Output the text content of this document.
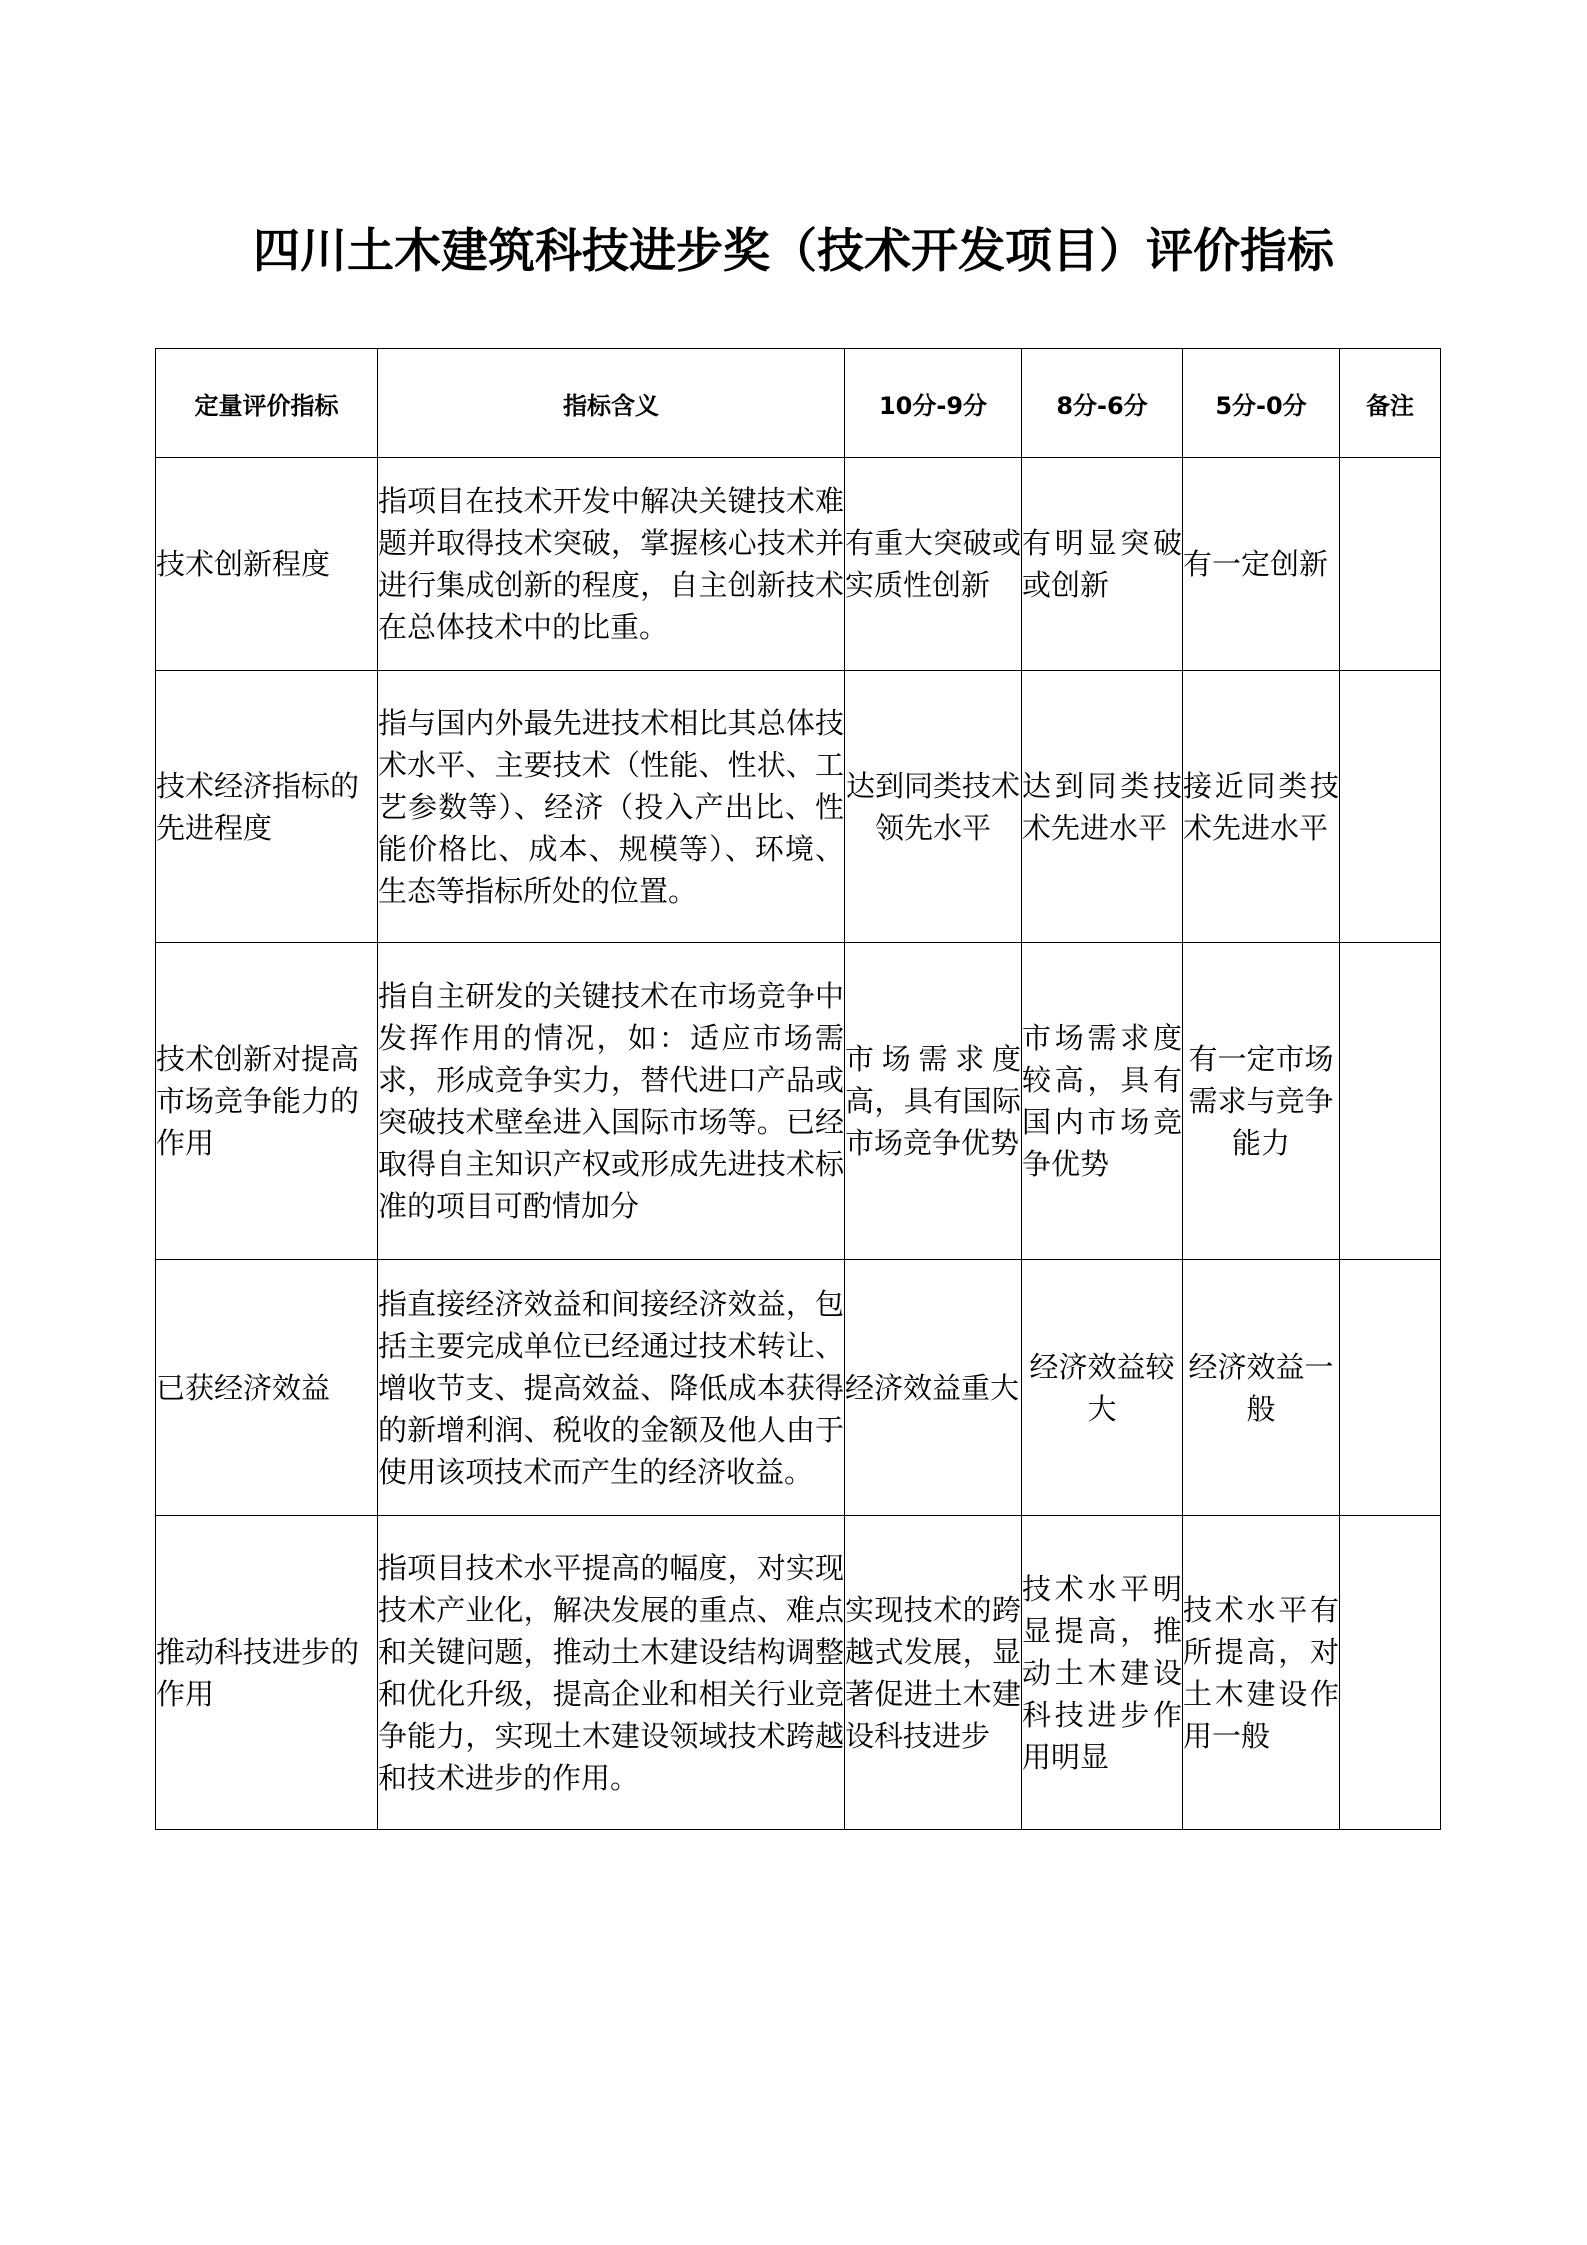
四川土木建筑科技进步奖（技术开发项目）评价指标
定量评价指标	指标含义	10分-9分	8分-6分	5分-0分	备注
技术创新程度	指项目在技术开发中解决关键技术难题并取得技术突破，掌握核心技术并进行集成创新的程度，自主创新技术在总体技术中的比重。	有重大突破或实质性创新	有明显突破或创新	有一定创新	
技术经济指标的先进程度	指与国内外最先进技术相比其总体技术水平、主要技术（性能、性状、工艺参数等）、经济（投入产出比、性能价格比、成本、规模等）、环境、生态等指标所处的位置。	达到同类技术领先水平	达到同类技术先进水平	接近同类技术先进水平	
技术创新对提高市场竞争能力的作用	指自主研发的关键技术在市场竞争中发挥作用的情况，如：适应市场需求，形成竞争实力，替代进口产品或突破技术壁垒进入国际市场等。已经取得自主知识产权或形成先进技术标准的项目可酌情加分	市场需求度高，具有国际市场竞争优势	市场需求度较高，具有国内市场竞争优势	有一定市场需求与竞争能力	
已获经济效益	指直接经济效益和间接经济效益，包括主要完成单位已经通过技术转让、增收节支、提高效益、降低成本获得的新增利润、税收的金额及他人由于使用该项技术而产生的经济收益。	经济效益重大	经济效益较大	经济效益一般	
推动科技进步的作用	指项目技术水平提高的幅度，对实现技术产业化，解决发展的重点、难点和关键问题，推动土木建设结构调整和优化升级，提高企业和相关行业竞争能力，实现土木建设领域技术跨越和技术进步的作用。	实现技术的跨越式发展，显著促进土木建设科技进步	技术水平明显提高，推动土木建设科技进步作用明显	技术水平有所提高，对土木建设作用一般	
